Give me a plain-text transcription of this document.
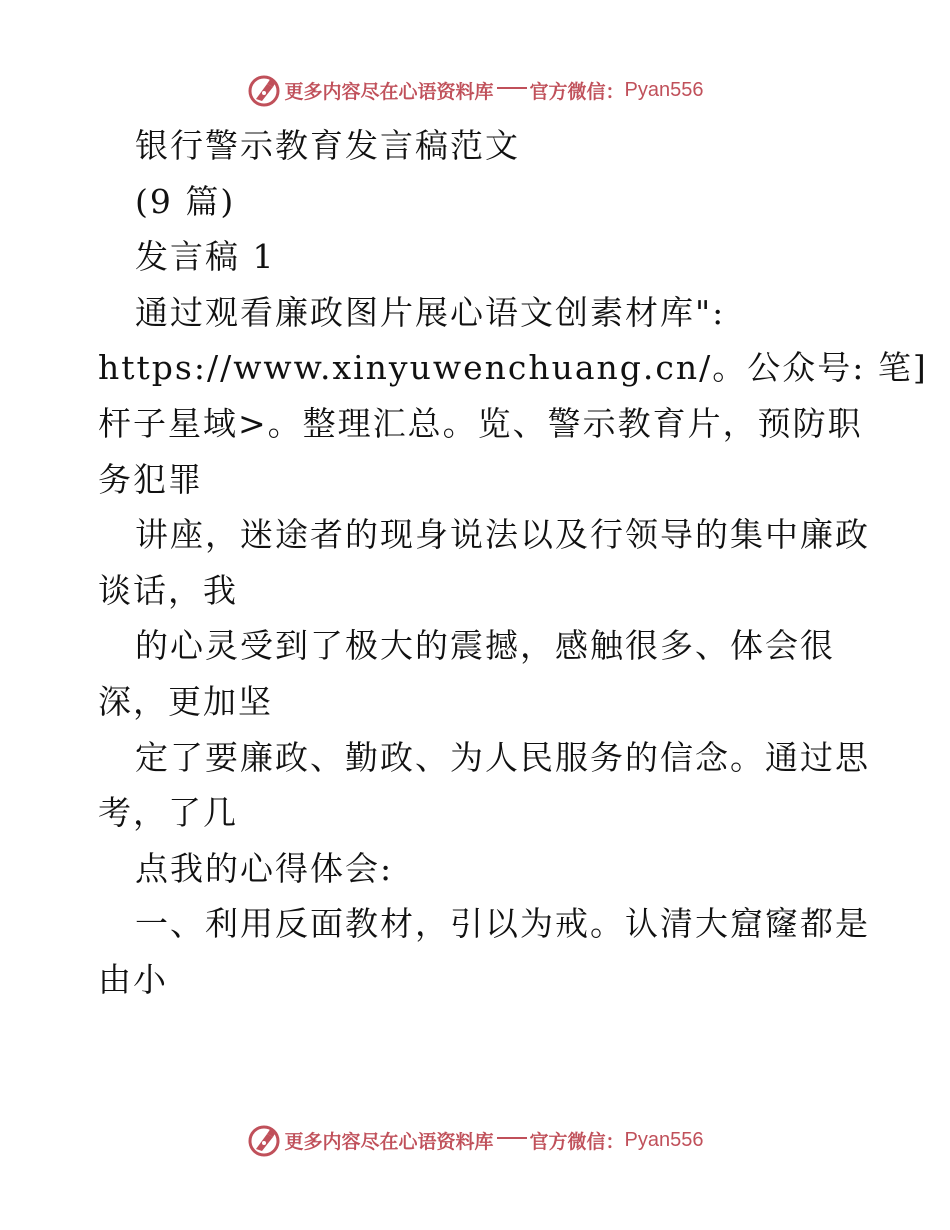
更多内容尽在心语资料库 官方微信： Pyan556
银行警示教育发言稿范文
(9 篇)
发言稿 1
通过观看廉政图片展心语文创素材库":
https://www.xinyuwenchuang.cn/。公众号: 笔]
杆子星域>。整理汇总。览、警示教育片，预防职
务犯罪
讲座，迷途者的现身说法以及行领导的集中廉政
谈话，我
的心灵受到了极大的震撼，感触很多、体会很
深，更加坚
定了要廉政、勤政、为人民服务的信念。通过思
考，了几
点我的心得体会:
一、利用反面教材，引以为戒。认清大窟窿都是
由小
更多内容尽在心语资料库 官方微信： Pyan556
